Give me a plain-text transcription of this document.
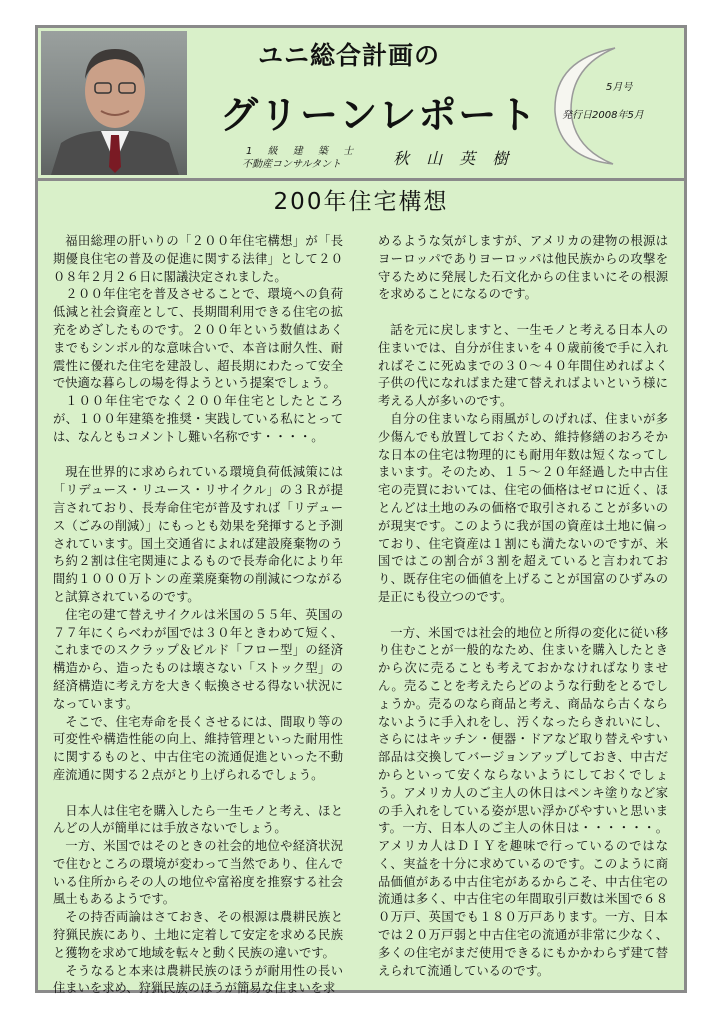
ユニ総合計画の
グリーンレポート
1 級 建 築 士
不動産コンサルタント	秋 山 英 樹
5月号
発行日2008年5月
200年住宅構想

福田総理の肝いりの「２００年住宅構想」が「長期優良住宅の普及の促進に関する法律」として２００８年２月２６日に閣議決定されました。

２００年住宅を普及させることで、環境への負荷低減と社会資産として、長期間利用できる住宅の拡充をめざしたものです。２００年という数値はあくまでもシンボル的な意味合いで、本音は耐久性、耐震性に優れた住宅を建設し、超長期にわたって安全で快適な暮らしの場を得ようという提案でしょう。

１００年住宅でなく２００年住宅としたところが、１００年建築を推奨・実践している私にとっては、なんともコメントし難い名称です・・・・。

現在世界的に求められている環境負荷低減策には「リデュース・リユース・リサイクル」の３Ｒが提言されており、長寿命住宅が普及すれば「リデュース（ごみの削減）」にもっとも効果を発揮すると予測されています。国土交通省によれば建設廃棄物のうち約２割は住宅関連によるもので長寿命化により年間約１０００万トンの産業廃棄物の削減につながると試算されているのです。

住宅の建て替えサイクルは米国の５５年、英国の７７年にくらべわが国では３０年ときわめて短く、これまでのスクラップ＆ビルド「フロー型」の経済構造から、造ったものは壊さない「ストック型」の経済構造に考え方を大きく転換させる得ない状況になっています。

そこで、住宅寿命を長くさせるには、間取り等の可変性や構造性能の向上、維持管理といった耐用性に関するものと、中古住宅の流通促進といった不動産流通に関する２点がとり上げられるでしょう。

日本人は住宅を購入したら一生モノと考え、ほとんどの人が簡単には手放さないでしょう。

一方、米国ではそのときの社会的地位や経済状況で住むところの環境が変わって当然であり、住んでいる住所からその人の地位や富裕度を推察する社会風土もあるようです。

その持否両論はさておき、その根源は農耕民族と狩猟民族にあり、土地に定着して安定を求める民族と獲物を求めて地域を転々と動く民族の違いです。

そうなると本来は農耕民族のほうが耐用性の長い住まいを求め、狩猟民族のほうが簡易な住まいを求

めるような気がしますが、アメリカの建物の根源はヨーロッパでありヨーロッパは他民族からの攻撃を守るために発展した石文化からの住まいにその根源を求めることになるのです。

話を元に戻しますと、一生モノと考える日本人の住まいでは、自分が住まいを４０歳前後で手に入れればそこに死ぬまでの３０～４０年間住めればよく子供の代になればまた建て替えればよいという様に考える人が多いのです。

自分の住まいなら雨風がしのげれば、住まいが多少傷んでも放置しておくため、維持修繕のおろそかな日本の住宅は物理的にも耐用年数は短くなってしまいます。そのため、１５～２０年経過した中古住宅の売買においては、住宅の価格はゼロに近く、ほとんどは土地のみの価格で取引されることが多いのが現実です。このように我が国の資産は土地に偏っており、住宅資産は１割にも満たないのですが、米国ではこの割合が３割を超えていると言われており、既存住宅の価値を上げることが国富のひずみの是正にも役立つのです。

一方、米国では社会的地位と所得の変化に従い移り住むことが一般的なため、住まいを購入したときから次に売ることも考えておかなければなりません。売ることを考えたらどのような行動をとるでしょうか。売るのなら商品と考え、商品なら古くならないように手入れをし、汚くなったらきれいにし、さらにはキッチン・便器・ドアなど取り替えやすい部品は交換してバージョンアップしておき、中古だからといって安くならないようにしておくでしょう。アメリカ人のご主人の休日はペンキ塗りなど家の手入れをしている姿が思い浮かびやすいと思います。一方、日本人のご主人の休日は・・・・・・。アメリカ人はＤＩＹを趣味で行っているのではなく、実益を十分に求めているのです。このように商品価値がある中古住宅があるからこそ、中古住宅の流通は多く、中古住宅の年間取引戸数は米国で６８０万戸、英国でも１８０万戸あります。一方、日本では２０万戸弱と中古住宅の流通が非常に少なく、多くの住宅がまだ使用できるにもかかわらず建て替えられて流通しているのです。
